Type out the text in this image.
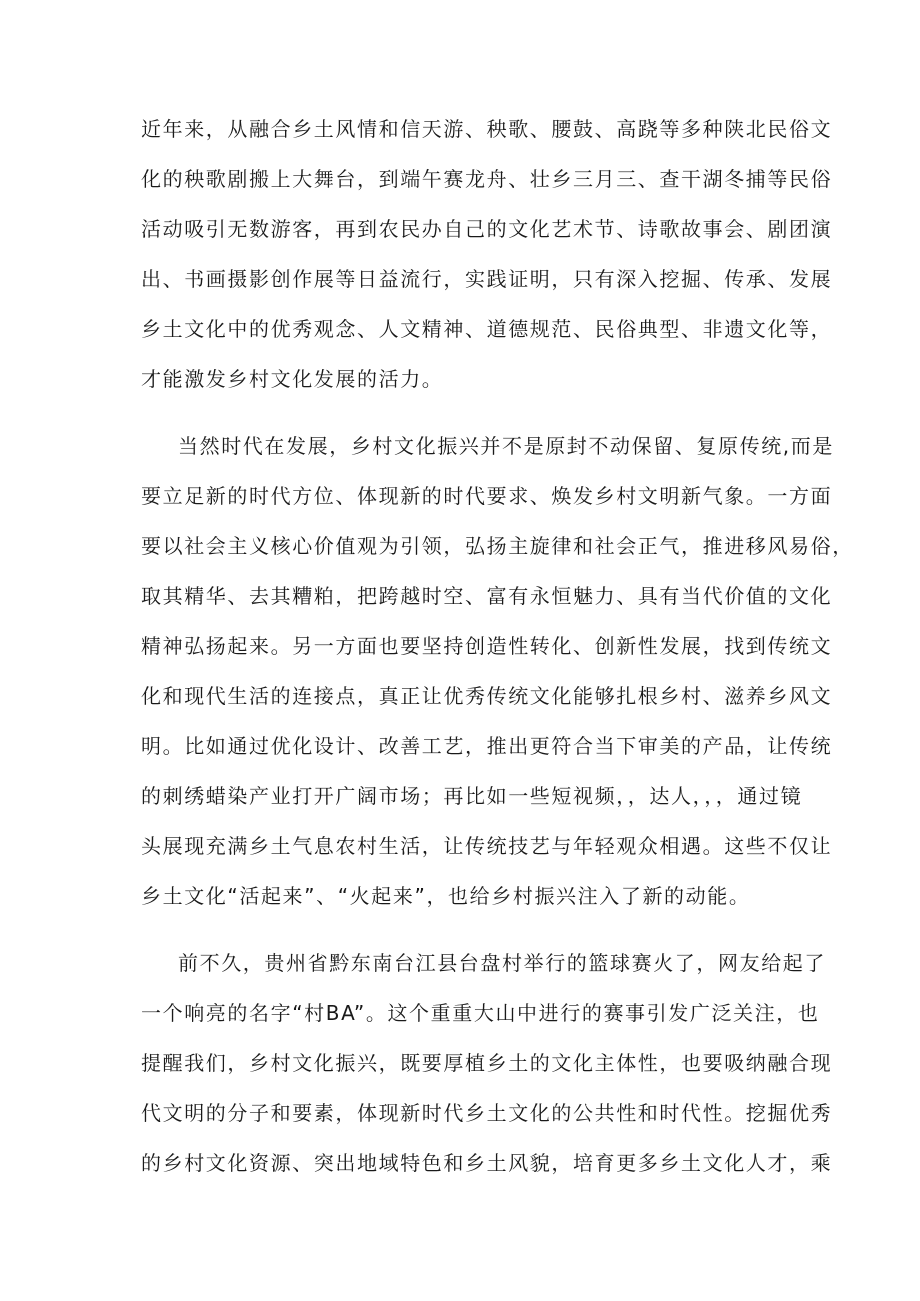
近年来，从融合乡土风情和信天游、秧歌、腰鼓、高跷等多种陕北民俗文
化的秧歌剧搬上大舞台，到端午赛龙舟、壮乡三月三、查干湖冬捕等民俗
活动吸引无数游客，再到农民办自己的文化艺术节、诗歌故事会、剧团演
出、书画摄影创作展等日益流行，实践证明，只有深入挖掘、传承、发展
乡土文化中的优秀观念、人文精神、道德规范、民俗典型、非遗文化等，
才能激发乡村文化发展的活力。
当然时代在发展，乡村文化振兴并不是原封不动保留、复原传统,而是
要立足新的时代方位、体现新的时代要求、焕发乡村文明新气象。一方面
要以社会主义核心价值观为引领，弘扬主旋律和社会正气，推进移风易俗，
取其精华、去其糟粕，把跨越时空、富有永恒魅力、具有当代价值的文化
精神弘扬起来。另一方面也要坚持创造性转化、创新性发展，找到传统文
化和现代生活的连接点，真正让优秀传统文化能够扎根乡村、滋养乡风文
明。比如通过优化设计、改善工艺，推出更符合当下审美的产品，让传统
的刺绣蜡染产业打开广阔市场；再比如一些短视频，，达人，，，通过镜
头展现充满乡土气息农村生活，让传统技艺与年轻观众相遇。这些不仅让
乡土文化“活起来”、“火起来”，也给乡村振兴注入了新的动能。
前不久，贵州省黔东南台江县台盘村举行的篮球赛火了，网友给起了
一个响亮的名字“村BA”。这个重重大山中进行的赛事引发广泛关注，也
提醒我们，乡村文化振兴，既要厚植乡土的文化主体性，也要吸纳融合现
代文明的分子和要素，体现新时代乡土文化的公共性和时代性。挖掘优秀
的乡村文化资源、突出地域特色和乡土风貌，培育更多乡土文化人才，乘
